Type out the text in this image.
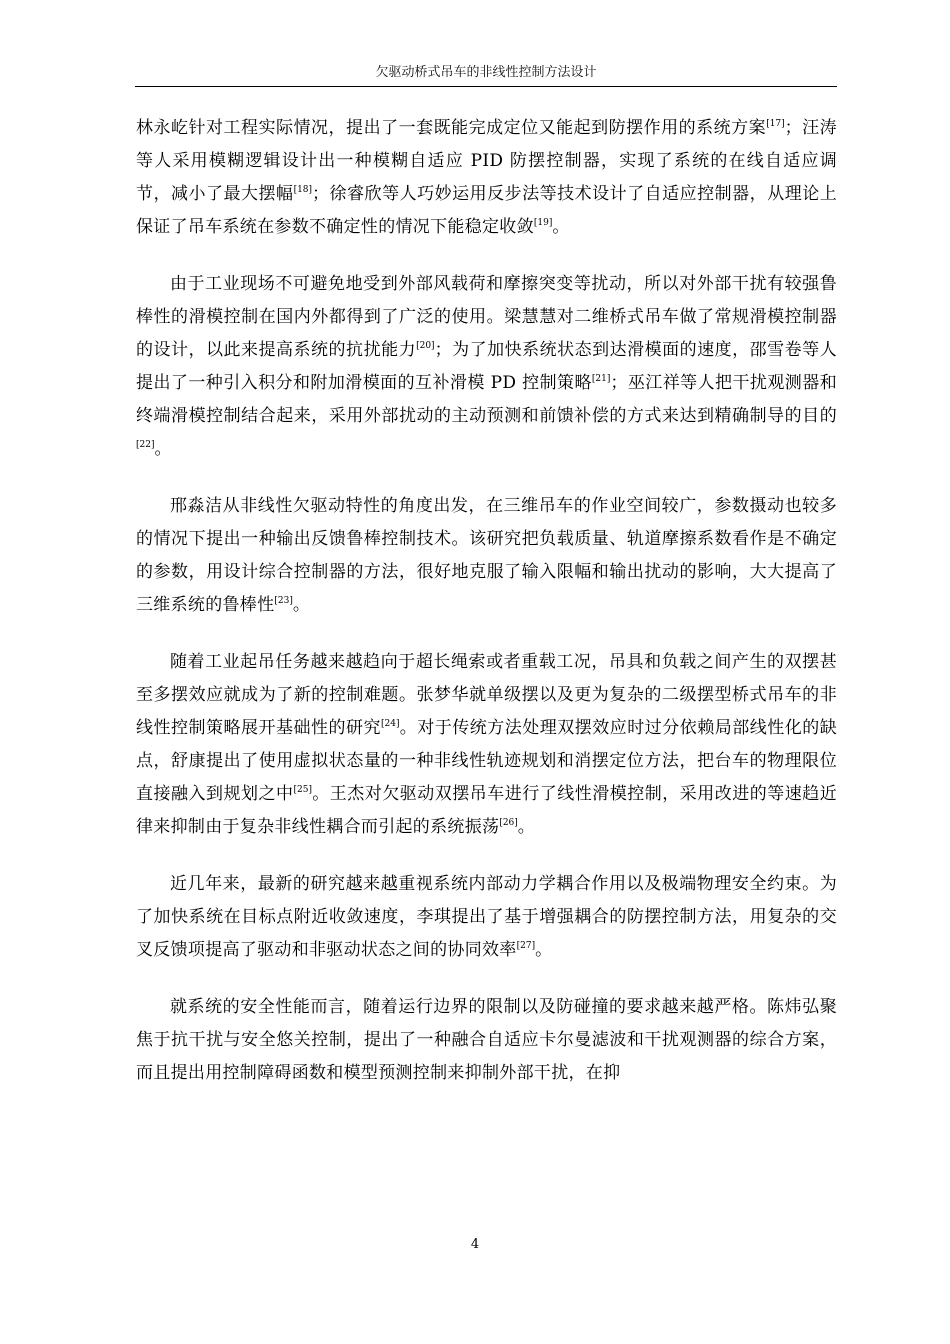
欠驱动桥式吊车的非线性控制方法设计

林永屹针对工程实际情况，提出了一套既能完成定位又能起到防摆作用的系统方案[17]；汪涛等人采用模糊逻辑设计出一种模糊自适应 PID 防摆控制器，实现了系统的在线自适应调节，减小了最大摆幅[18]；徐睿欣等人巧妙运用反步法等技术设计了自适应控制器，从理论上保证了吊车系统在参数不确定性的情况下能稳定收敛[19]。

由于工业现场不可避免地受到外部风载荷和摩擦突变等扰动，所以对外部干扰有较强鲁棒性的滑模控制在国内外都得到了广泛的使用。梁慧慧对二维桥式吊车做了常规滑模控制器的设计，以此来提高系统的抗扰能力[20]；为了加快系统状态到达滑模面的速度，邵雪卷等人提出了一种引入积分和附加滑模面的互补滑模 PD 控制策略[21]；巫江祥等人把干扰观测器和终端滑模控制结合起来，采用外部扰动的主动预测和前馈补偿的方式来达到精确制导的目的[22]。

邢淼洁从非线性欠驱动特性的角度出发，在三维吊车的作业空间较广，参数摄动也较多的情况下提出一种输出反馈鲁棒控制技术。该研究把负载质量、轨道摩擦系数看作是不确定的参数，用设计综合控制器的方法，很好地克服了输入限幅和输出扰动的影响，大大提高了三维系统的鲁棒性[23]。

随着工业起吊任务越来越趋向于超长绳索或者重载工况，吊具和负载之间产生的双摆甚至多摆效应就成为了新的控制难题。张梦华就单级摆以及更为复杂的二级摆型桥式吊车的非线性控制策略展开基础性的研究[24]。对于传统方法处理双摆效应时过分依赖局部线性化的缺点，舒康提出了使用虚拟状态量的一种非线性轨迹规划和消摆定位方法，把台车的物理限位直接融入到规划之中[25]。王杰对欠驱动双摆吊车进行了线性滑模控制，采用改进的等速趋近律来抑制由于复杂非线性耦合而引起的系统振荡[26]。

近几年来，最新的研究越来越重视系统内部动力学耦合作用以及极端物理安全约束。为了加快系统在目标点附近收敛速度，李琪提出了基于增强耦合的防摆控制方法，用复杂的交叉反馈项提高了驱动和非驱动状态之间的协同效率[27]。

就系统的安全性能而言，随着运行边界的限制以及防碰撞的要求越来越严格。陈炜弘聚焦于抗干扰与安全悠关控制，提出了一种融合自适应卡尔曼滤波和干扰观测器的综合方案，而且提出用控制障碍函数和模型预测控制来抑制外部干扰，在抑

4
